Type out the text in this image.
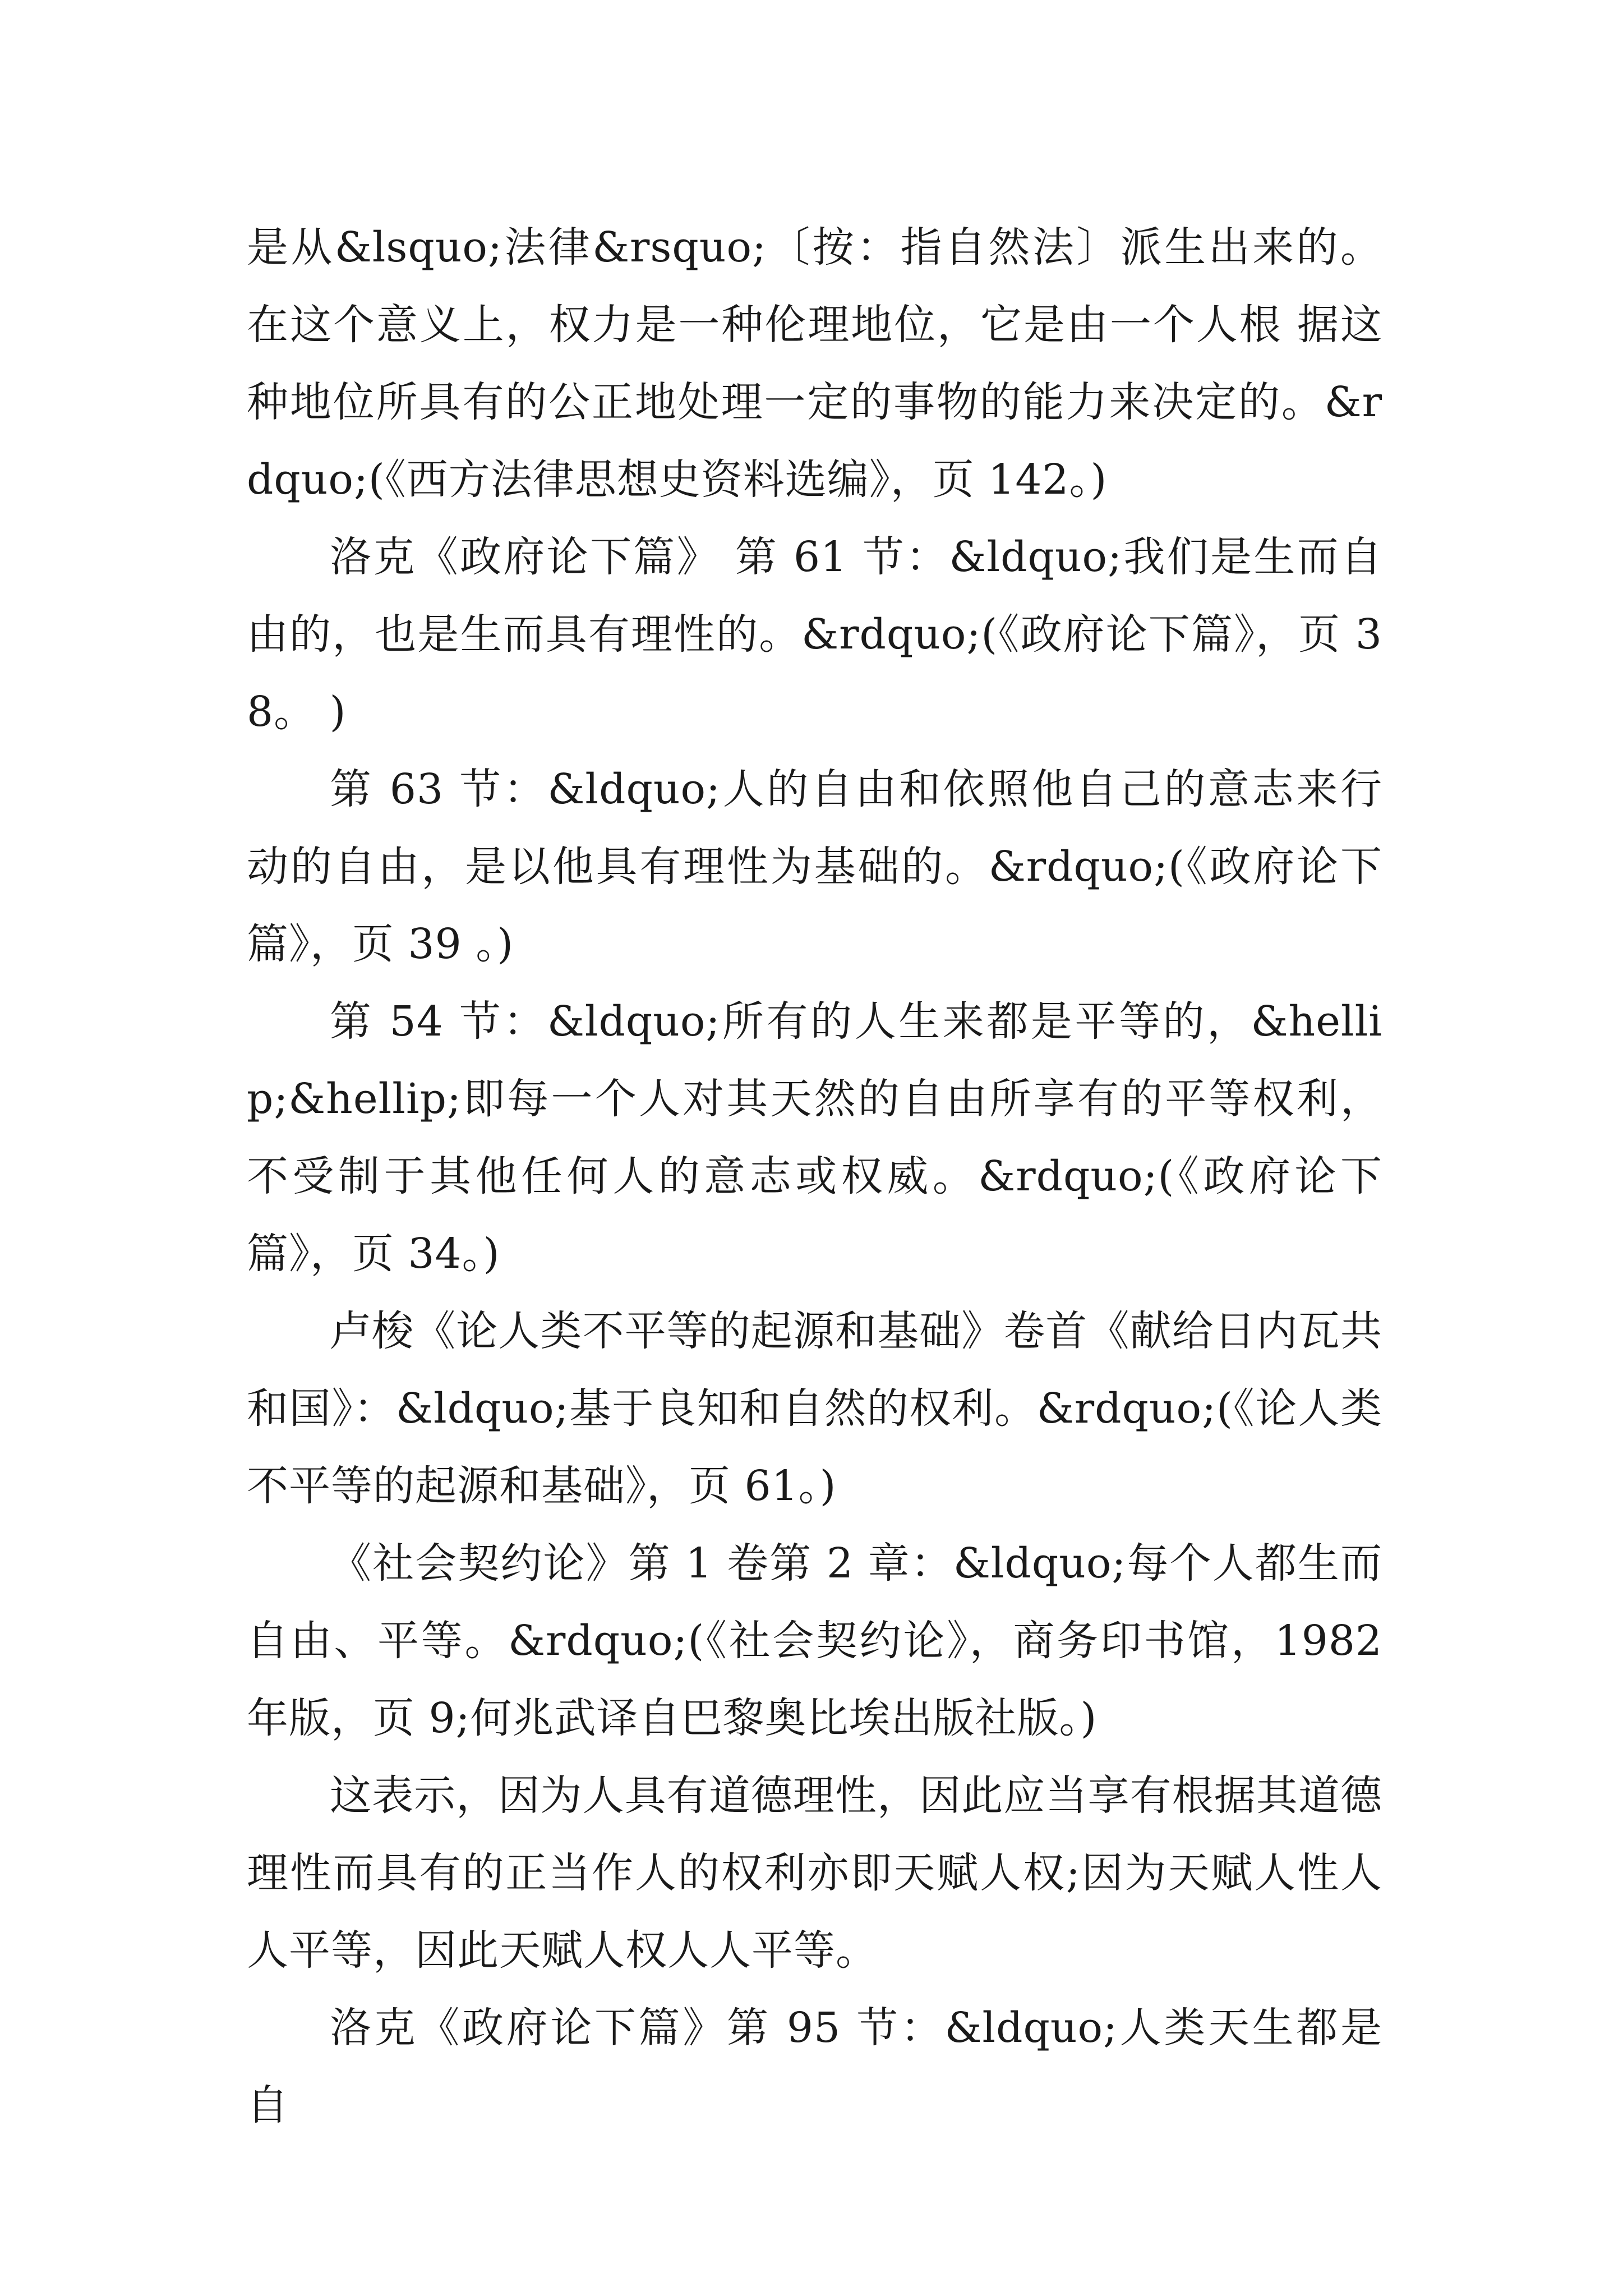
是从&lsquo;法律&rsquo;〔按：指自然法〕派生出来的。在这个意义上，权力是一种伦理地位，它是由一个人根 据这种地位所具有的公正地处理一定的事物的能力来决定的。&rdquo;(《西方法律思想史资料选编》，页 142。)

洛克《政府论下篇》 第 61 节：&ldquo;我们是生而自由的，也是生而具有理性的。&rdquo;(《政府论下篇》，页 38。 )

第 63 节：&ldquo;人的自由和依照他自己的意志来行动的自由，是以他具有理性为基础的。&rdquo;(《政府论下篇》，页 39 。)

第 54 节：&ldquo;所有的人生来都是平等的，&hellip;&hellip;即每一个人对其天然的自由所享有的平等权利，不受制于其他任何人的意志或权威。&rdquo;(《政府论下篇》，页 34。)

卢梭《论人类不平等的起源和基础》卷首《献给日内瓦共和国》：&ldquo;基于良知和自然的权利。&rdquo;(《论人类不平等的起源和基础》，页 61。)

《社会契约论》第 1 卷第 2 章：&ldquo;每个人都生而自由、平等。&rdquo;(《社会契约论》，商务印书馆，1982 年版，页 9;何兆武译自巴黎奥比埃出版社版。)

这表示，因为人具有道德理性，因此应当享有根据其道德理性而具有的正当作人的权利亦即天赋人权;因为天赋人性人人平等，因此天赋人权人人平等。

洛克《政府论下篇》第 95 节：&ldquo;人类天生都是自
